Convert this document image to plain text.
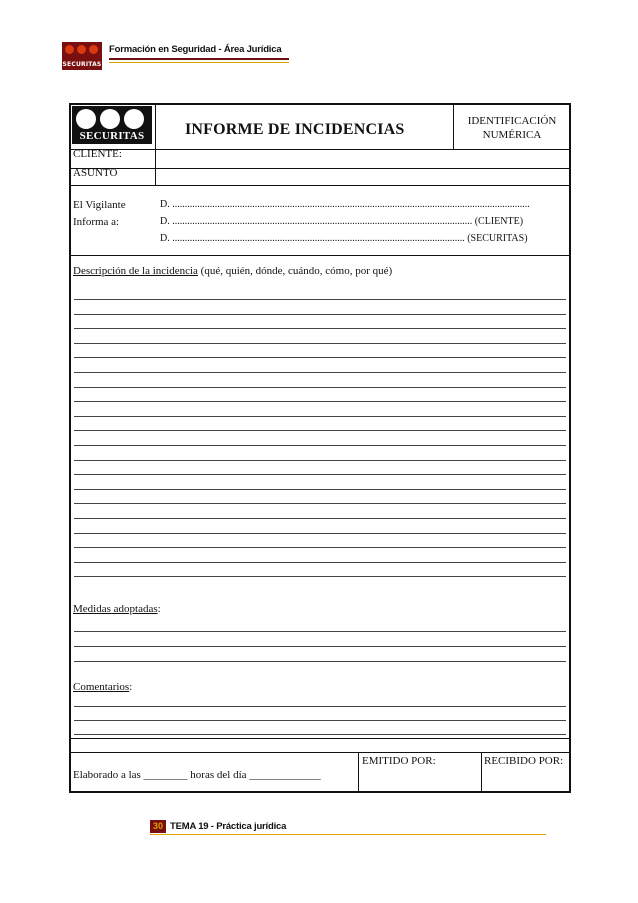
SECURITAS
Formación en Seguridad - Área Jurídica
SECURITAS	INFORME DE INCIDENCIAS	IDENTIFICACIÓN
NUMÉRICA
CLIENTE:
ASUNTO
El Vigilante
Informa a:
D. ...............................................................................................................................................
D. ........................................................................................................................ (CLIENTE)
D. ..................................................................................................................... (SECURITAS)
Descripción de la incidencia (qué, quién, dónde, cuándo, cómo, por qué)
Medidas adoptadas:
Comentarios:
Elaborado a las ________ horas del día _____________
EMITIDO POR:	RECIBIDO POR:
30 TEMA 19 - Práctica jurídica
